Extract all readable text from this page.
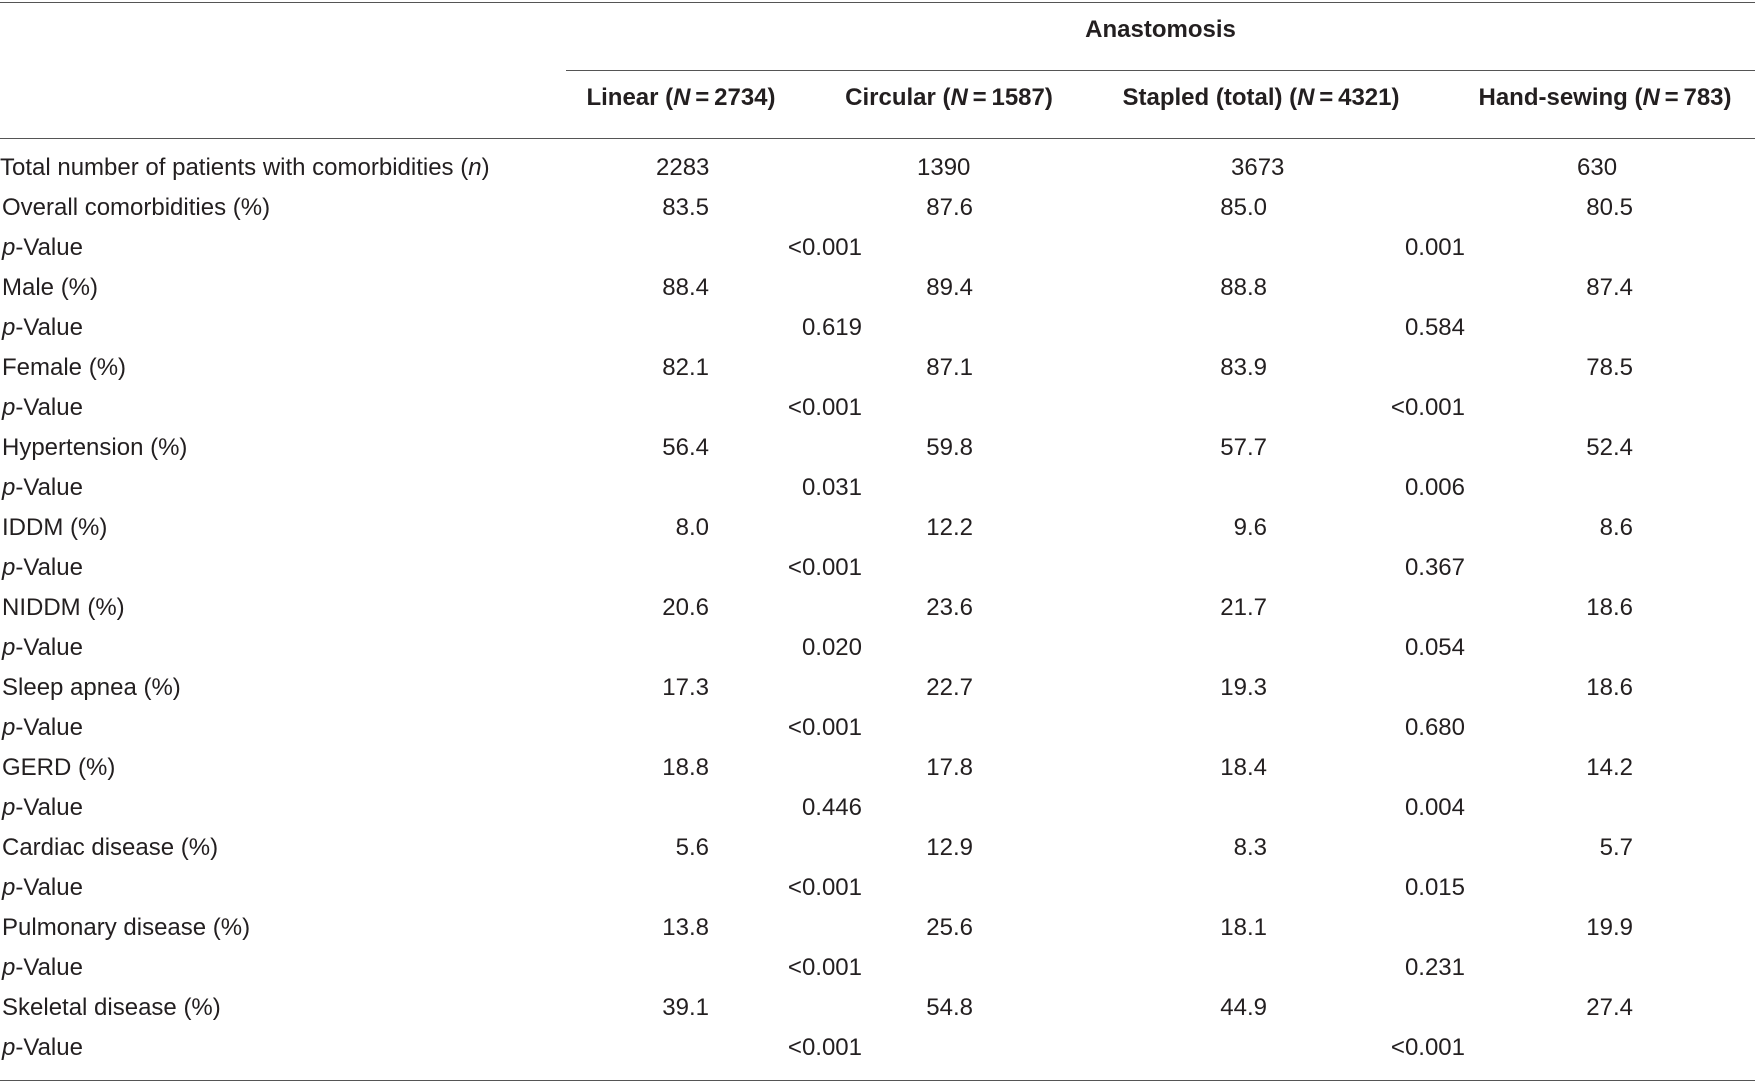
Anastomosis
Linear (N = 2734)	Circular (N = 1587)	Stapled (total) (N = 4321)	Hand-sewing (N = 783)
Total number of patients with comorbidities (n)	2283	1390	3673	630
Overall comorbidities (%)	83.5	87.6	85.0	80.5
p-Value	<0.001	0.001
Male (%)	88.4	89.4	88.8	87.4
p-Value	0.619	0.584
Female (%)	82.1	87.1	83.9	78.5
p-Value	<0.001	<0.001
Hypertension (%)	56.4	59.8	57.7	52.4
p-Value	0.031	0.006
IDDM (%)	8.0	12.2	9.6	8.6
p-Value	<0.001	0.367
NIDDM (%)	20.6	23.6	21.7	18.6
p-Value	0.020	0.054
Sleep apnea (%)	17.3	22.7	19.3	18.6
p-Value	<0.001	0.680
GERD (%)	18.8	17.8	18.4	14.2
p-Value	0.446	0.004
Cardiac disease (%)	5.6	12.9	8.3	5.7
p-Value	<0.001	0.015
Pulmonary disease (%)	13.8	25.6	18.1	19.9
p-Value	<0.001	0.231
Skeletal disease (%)	39.1	54.8	44.9	27.4
p-Value	<0.001	<0.001
